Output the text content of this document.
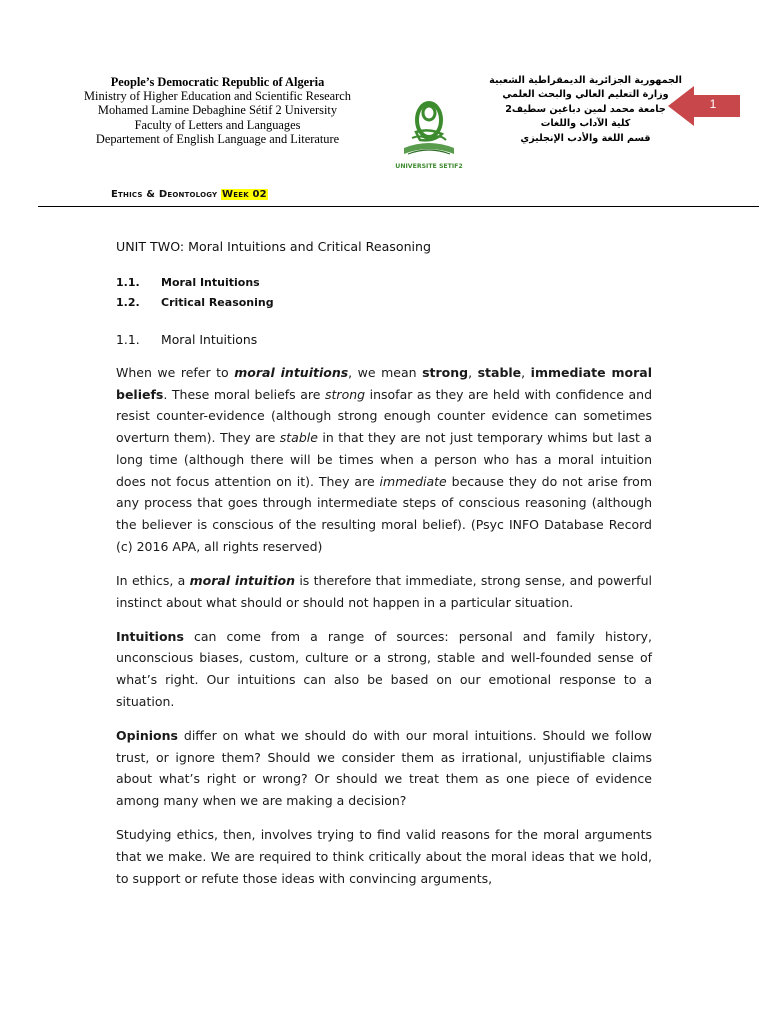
People’s Democratic Republic of Algeria
Ministry of Higher Education and Scientific Research
Mohamed Lamine Debaghine Sétif 2 University
Faculty of Letters and Languages
Departement of English Language and Literature
UNIVERSITE SETIF2
الجمهورية الجزائرية الديمقراطية الشعبية
وزارة التعليم العالي والبحث العلمي
جامعة محمد لمين دباغين سطيف2
كلية الآداب واللغات
قسم اللغة والأدب الإنجليزي
1
Ethics & Deontology Week 02
UNIT TWO: Moral Intuitions and Critical Reasoning
1.1. Moral Intuitions
1.2. Critical Reasoning
1.1. Moral Intuitions

When we refer to moral intuitions, we mean strong, stable, immediate moral beliefs. These moral beliefs are strong insofar as they are held with confidence and resist counter-evidence (although strong enough counter evidence can sometimes overturn them). They are stable in that they are not just temporary whims but last a long time (although there will be times when a person who has a moral intuition does not focus attention on it). They are immediate because they do not arise from any process that goes through intermediate steps of conscious reasoning (although the believer is conscious of the resulting moral belief). (Psyc INFO Database Record (c) 2016 APA, all rights reserved)

In ethics, a moral intuition is therefore that immediate, strong sense, and powerful instinct about what should or should not happen in a particular situation.

Intuitions can come from a range of sources: personal and family history, unconscious biases, custom, culture or a strong, stable and well-founded sense of what’s right. Our intuitions can also be based on our emotional response to a situation.

Opinions differ on what we should do with our moral intuitions. Should we follow trust, or ignore them? Should we consider them as irrational, unjustifiable claims about what’s right or wrong? Or should we treat them as one piece of evidence among many when we are making a decision?

Studying ethics, then, involves trying to find valid reasons for the moral arguments that we make. We are required to think critically about the moral ideas that we hold, to support or refute those ideas with convincing arguments,
